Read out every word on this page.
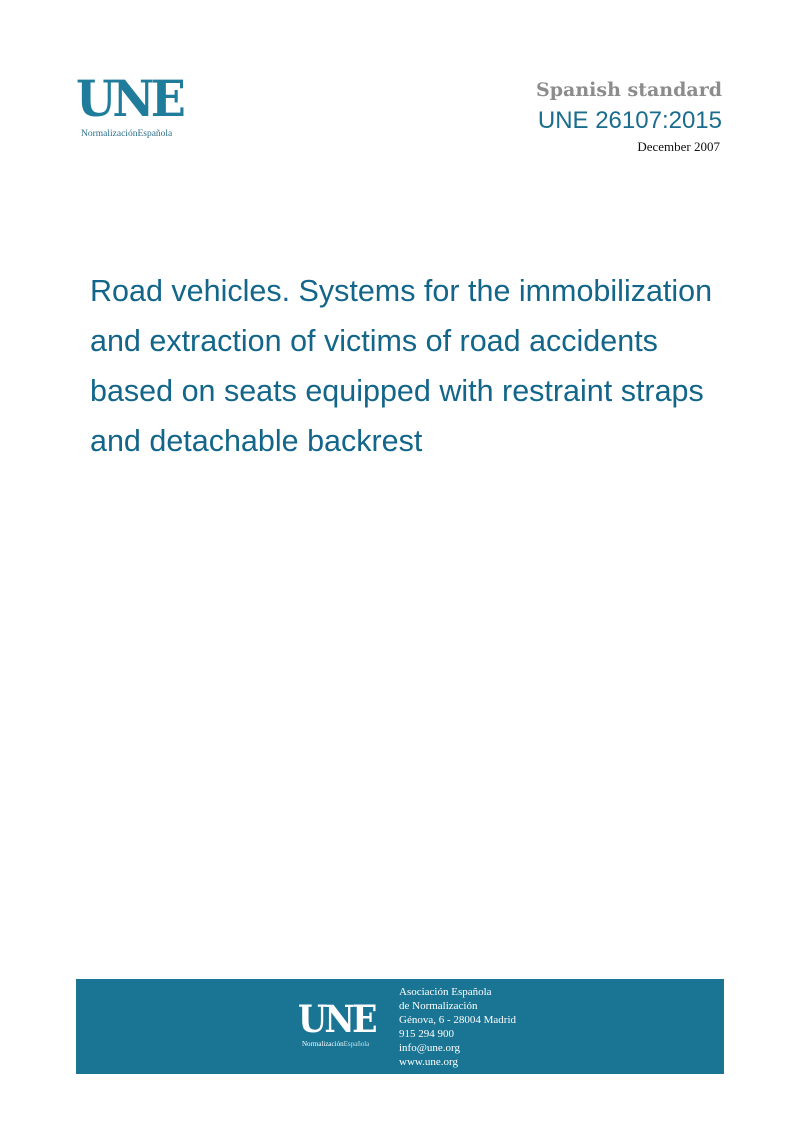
UNE
NormalizaciónEspañola
Spanish standard
UNE 26107:2015
December 2007
Road vehicles. Systems for the immobilization
and extraction of victims of road accidents
based on seats equipped with restraint straps
and detachable backrest
UNE
NormalizaciónEspañola
Asociación Española
de Normalización
Génova, 6 - 28004 Madrid
915 294 900
info@une.org
www.une.org
